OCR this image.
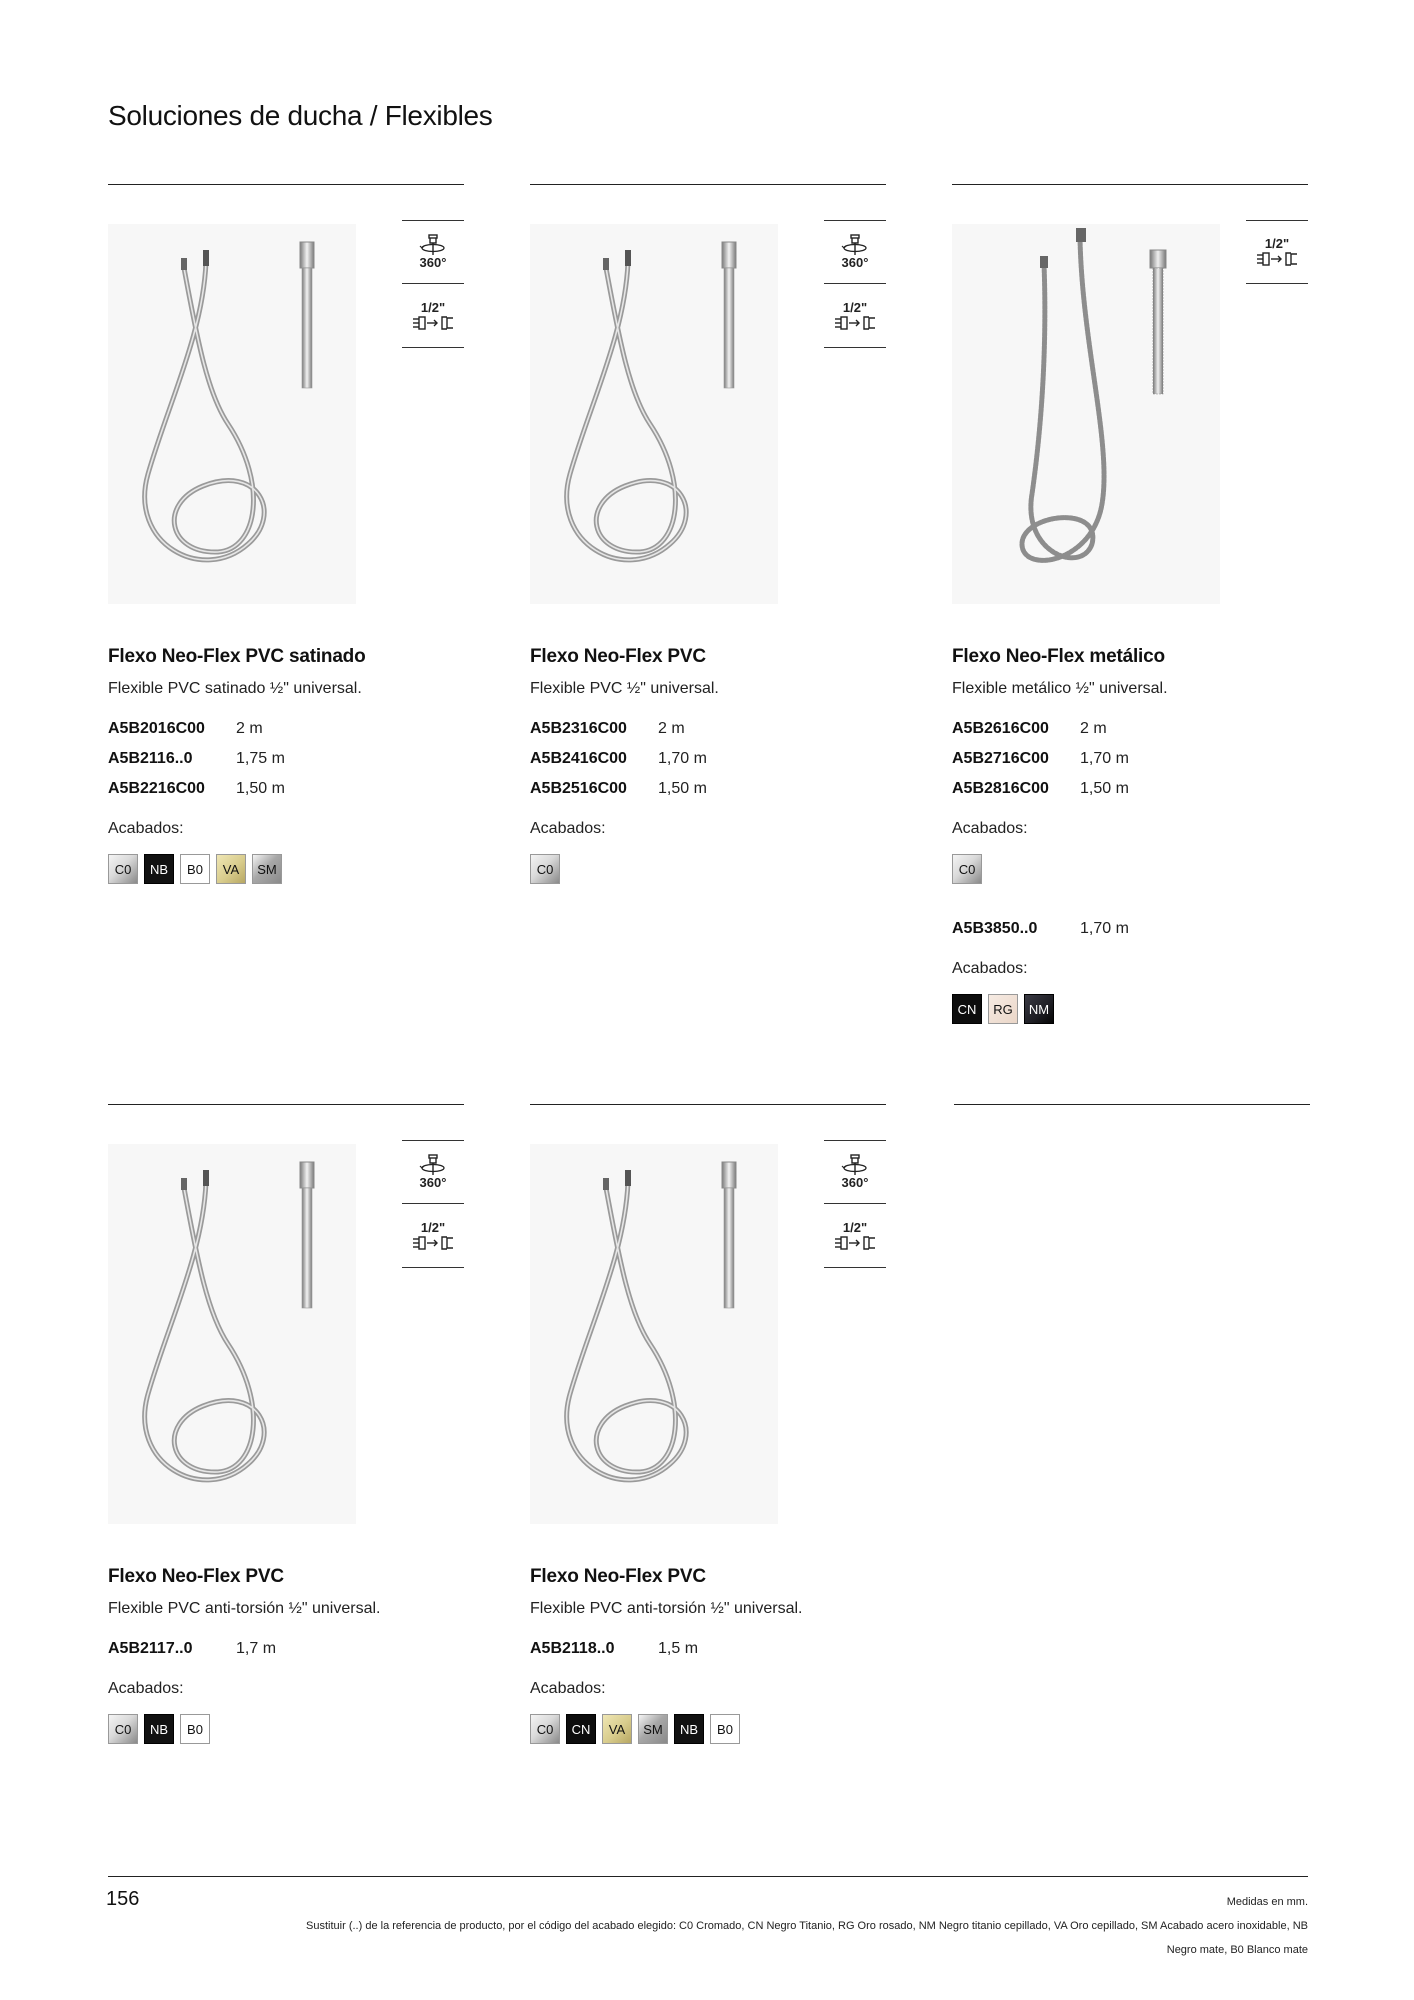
Soluciones de ducha / Flexibles
360°
1/2"
Flexo Neo-Flex PVC satinado
Flexible PVC satinado ½" universal.
A5B2016C00	2 m
A5B2116..0	1,75 m
A5B2216C00	1,50 m
Acabados:
C0	NB	B0	VA	SM
360°
1/2"
Flexo Neo-Flex PVC
Flexible PVC ½" universal.
A5B2316C00	2 m
A5B2416C00	1,70 m
A5B2516C00	1,50 m
Acabados:
C0
1/2"
Flexo Neo-Flex metálico
Flexible metálico ½" universal.
A5B2616C00	2 m
A5B2716C00	1,70 m
A5B2816C00	1,50 m
Acabados:
C0
A5B3850..0	1,70 m
Acabados:
CN	RG	NM
360°
1/2"
Flexo Neo-Flex PVC
Flexible PVC anti-torsión ½" universal.
A5B2117..0	1,7 m
Acabados:
C0	NB	B0
360°
1/2"
Flexo Neo-Flex PVC
Flexible PVC anti-torsión ½" universal.
A5B2118..0	1,5 m
Acabados:
C0	CN	VA	SM	NB	B0
156	Medidas en mm.
Sustituir (..) de la referencia de producto, por el código del acabado elegido: C0 Cromado, CN Negro Titanio, RG Oro rosado, NM Negro titanio cepillado, VA Oro cepillado, SM Acabado acero inoxidable, NB
Negro mate, B0 Blanco mate
